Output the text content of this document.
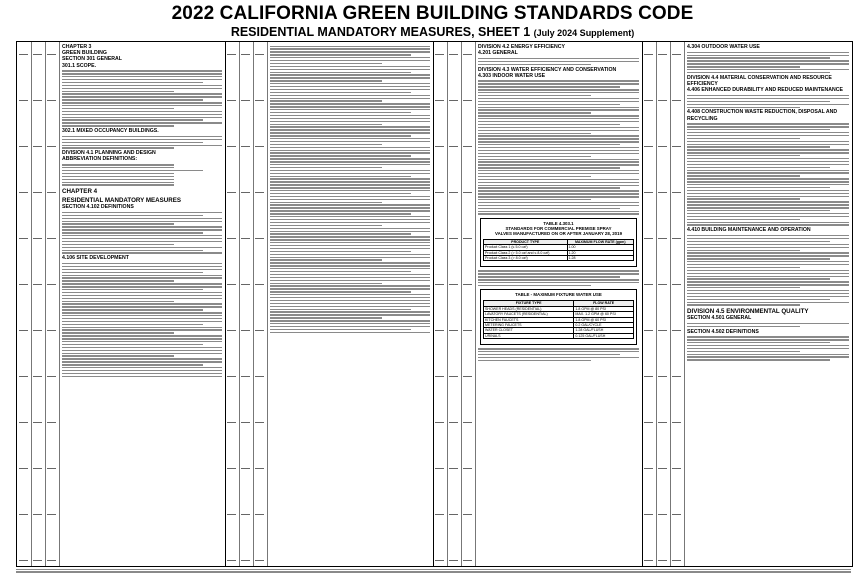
2022 CALIFORNIA GREEN BUILDING STANDARDS CODE
RESIDENTIAL MANDATORY MEASURES, SHEET 1 (July 2024 Supplement)
CHAPTER 3
GREEN BUILDING
SECTION 301 GENERAL
301.1 SCOPE.
302.1 MIXED OCCUPANCY BUILDINGS.
DIVISION 4.1 PLANNING AND DESIGN
ABBREVIATION DEFINITIONS:
CHAPTER 4
RESIDENTIAL MANDATORY MEASURES
SECTION 4.102 DEFINITIONS
4.106 SITE DEVELOPMENT
DIVISION 4.2 ENERGY EFFICIENCY
4.201 GENERAL
DIVISION 4.3 WATER EFFICIENCY AND CONSERVATION
4.303 INDOOR WATER USE
TABLE 4.303.1
STANDARDS FOR COMMERCIAL PREMISE SPRAY
VALVES MANUFACTURED ON OR AFTER JANUARY 28, 2019
PRODUCT TYPE	MAXIMUM FLOW RATE (gpm)
Product Class 1 (≤ 5.0 ozf)	1.00
Product Class 2 (> 5.0 ozf and ≤ 8.0 ozf)	1.20
Product Class 3 (> 8.0 ozf)	1.28
TABLE - MAXIMUM FIXTURE WATER USE
FIXTURE TYPE	FLOW RATE
SHOWER HEADS (RESIDENTIAL)	1.8 GPM @ 80 PSI
LAVATORY FAUCETS (RESIDENTIAL)	MAX. 1.2 GPM @ 60 PSI
KITCHEN FAUCETS	1.8 GPM @ 60 PSI
METERING FAUCETS	0.2 GAL/CYCLE
WATER CLOSET	1.28 GAL/FLUSH
URINALS	0.125 GAL/FLUSH
4.304 OUTDOOR WATER USE
DIVISION 4.4 MATERIAL CONSERVATION AND RESOURCE EFFICIENCY
4.406 ENHANCED DURABILITY AND REDUCED MAINTENANCE
4.408 CONSTRUCTION WASTE REDUCTION, DISPOSAL AND RECYCLING
4.410 BUILDING MAINTENANCE AND OPERATION
DIVISION 4.5 ENVIRONMENTAL QUALITY
SECTION 4.501 GENERAL
SECTION 4.502 DEFINITIONS
